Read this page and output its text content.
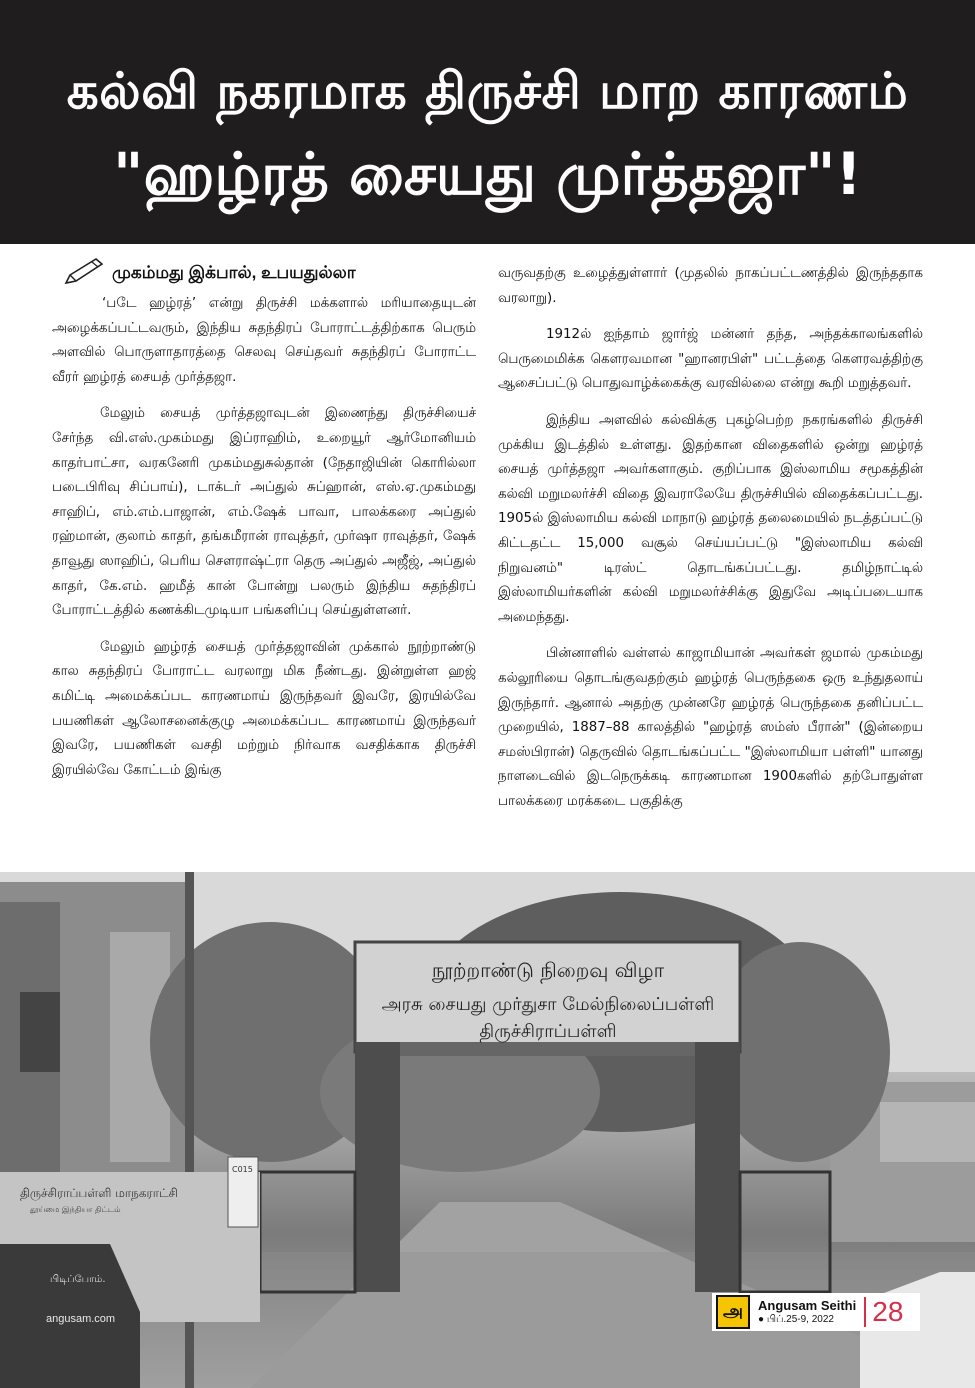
கல்வி நகரமாக திருச்சி மாற காரணம்
"ஹழ்ரத் சையது முர்த்தஜா"!
முகம்மது இக்பால், உபயதுல்லா

‘படே ஹழ்ரத்’ என்று திருச்சி மக்களால் மரியாதையுடன் அழைக்கப்பட்டவரும், இந்திய சுதந்திரப் போராட்டத்திற்காக பெரும் அளவில் பொருளாதாரத்தை செலவு செய்தவர் சுதந்திரப் போராட்ட வீரர் ஹழ்ரத் சையத் முர்த்தஜா.

மேலும் சையத் முர்த்தஜாவுடன் இணைந்து திருச்சியைச் சேர்ந்த வி.எஸ்.முகம்மது இப்ராஹிம், உறையூர் ஆர்மோனியம் காதர்பாட்சா, வரகனேரி முகம்மதுசுல்தான் (நேதாஜியின் கொரில்லா படைபிரிவு சிப்பாய்), டாக்டர் அப்துல் சுப்ஹான், எஸ்.ஏ.முகம்மது சாஹிப், எம்.எம்.பாஜான், எம்.ஷேக் பாவா, பாலக்கரை அப்துல் ரஹ்மான், குலாம் காதர், தங்கமீரான் ராவுத்தர், முர்ஷா ராவுத்தர், ஷேக் தாவூது ஸாஹிப், பெரிய சௌராஷ்ட்ரா தெரு அப்துல் அஜீஜ், அப்துல் காதர், கே.எம். ஹமீத் கான் போன்று பலரும் இந்திய சுதந்திரப் போராட்டத்தில் கணக்கிடமுடியா பங்களிப்பு செய்துள்ளனர்.

மேலும் ஹழ்ரத் சையத் முர்த்தஜாவின் முக்கால் நூற்றாண்டு கால சுதந்திரப் போராட்ட வரலாறு மிக நீண்டது. இன்றுள்ள ஹஜ் கமிட்டி அமைக்கப்பட காரணமாய் இருந்தவர் இவரே, இரயில்வே பயணிகள் ஆலோசனைக்குழு அமைக்கப்பட காரணமாய் இருந்தவர் இவரே, பயணிகள் வசதி மற்றும் நிர்வாக வசதிக்காக திருச்சி இரயில்வே கோட்டம் இங்கு

வருவதற்கு உழைத்துள்ளார் (முதலில் நாகப்பட்டணத்தில் இருந்ததாக வரலாறு).

1912ல் ஐந்தாம் ஜார்ஜ் மன்னர் தந்த, அந்தக்காலங்களில் பெருமைமிக்க கௌரவமான "ஹானரபிள்" பட்டத்தை கௌரவத்திற்கு ஆசைப்பட்டு பொதுவாழ்க்கைக்கு வரவில்லை என்று கூறி மறுத்தவர்.

இந்திய அளவில் கல்விக்கு புகழ்பெற்ற நகரங்களில் திருச்சி முக்கிய இடத்தில் உள்ளது. இதற்கான விதைகளில் ஒன்று ஹழ்ரத் சையத் முர்த்தஜா அவர்களாகும். குறிப்பாக இஸ்லாமிய சமூகத்தின் கல்வி மறுமலர்ச்சி விதை இவராலேயே திருச்சியில் விதைக்கப்பட்டது. 1905ல் இஸ்லாமிய கல்வி மாநாடு ஹழ்ரத் தலைமையில் நடத்தப்பட்டு கிட்டதட்ட 15,000 வசூல் செய்யப்பட்டு "இஸ்லாமிய கல்வி நிறுவனம்" டிரஸ்ட் தொடங்கப்பட்டது. தமிழ்நாட்டில் இஸ்லாமியர்களின் கல்வி மறுமலர்ச்சிக்கு இதுவே அடிப்படையாக அமைந்தது.

பின்னாளில் வள்ளல் காஜாமியான் அவர்கள் ஜமால் முகம்மது கல்லூரியை தொடங்குவதற்கும் ஹழ்ரத் பெருந்தகை ஒரு உந்துதலாய் இருந்தார். ஆனால் அதற்கு முன்னரே ஹழ்ரத் பெருந்தகை தனிப்பட்ட முறையில், 1887–88 காலத்தில் "ஹழ்ரத் ஸம்ஸ் பீரான்" (இன்றைய சமஸ்பிரான்) தெருவில் தொடங்கப்பட்ட "இஸ்லாமியா பள்ளி" யானது நாளடைவில் இடநெருக்கடி காரணமான 1900களில் தற்போதுள்ள பாலக்கரை மரக்கடை பகுதிக்கு

நூற்றாண்டு நிறைவு விழா
அரசு சையது முர்துசா மேல்நிலைப்பள்ளி
திருச்சிராப்பள்ளி
திருச்சிராப்பள்ளி மாநகராட்சி
தூய்மை இந்தியா திட்டம்
C015
பிடிப்போம்.
angusam.com	அ Angusam Seithi
● பிப்.25-9, 2022	28
